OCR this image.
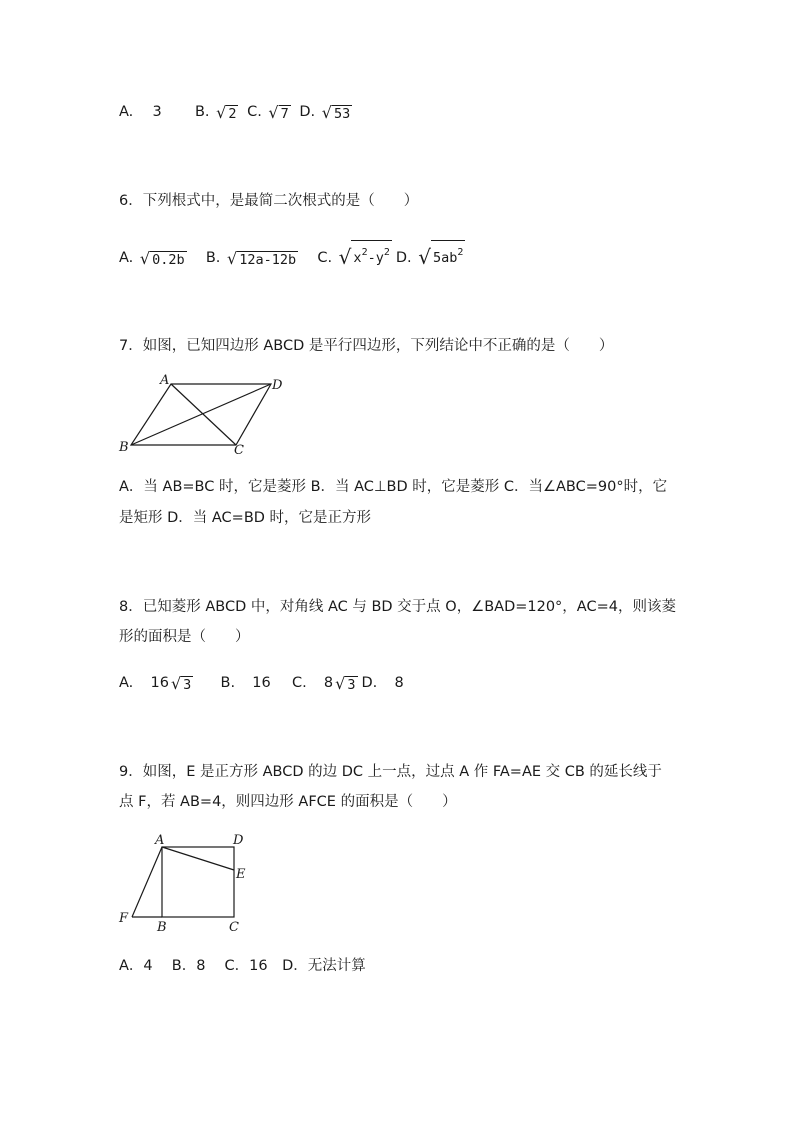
A. 3 B. √ 2 C. √ 7 D. √ 53
6．下列根式中，是最简二次根式的是（　　）
A. √ 0.2b B. √ 12a-12b C. √ $x^2-y^2$ D. √ $5ab^2$
7．如图，已知四边形 ABCD 是平行四边形，下列结论中不正确的是（　　）
A	D
B	C
A．当 AB=BC 时，它是菱形 B．当 AC⊥BD 时，它是菱形 C．当∠ABC=90°时，它
是矩形 D．当 AC=BD 时，它是正方形
8．已知菱形 ABCD 中，对角线 AC 与 BD 交于点 O，∠BAD=120°，AC=4，则该菱
形的面积是（　　）
A. 16 √ 3 B. 16 C. 8 √ 3 D. 8
9．如图，E 是正方形 ABCD 的边 DC 上一点，过点 A 作 FA=AE 交 CB 的延长线于
点 F，若 AB=4，则四边形 AFCE 的面积是（　　）
A	D
E
F
B	C
A．4　 B．8　 C．16　D．无法计算
